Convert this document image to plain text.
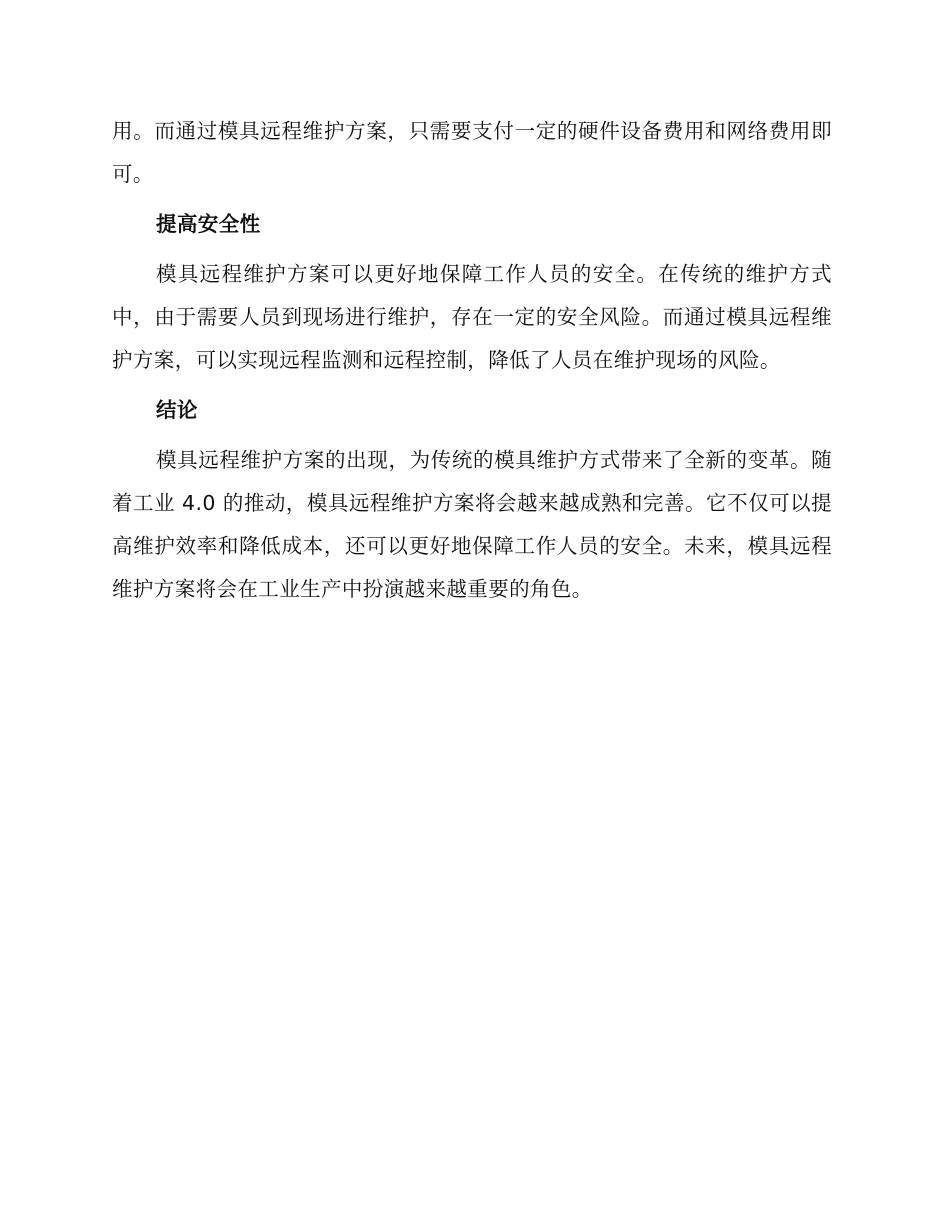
用。而通过模具远程维护方案，只需要支付一定的硬件设备费用和网络费用即可。

提高安全性

模具远程维护方案可以更好地保障工作人员的安全。在传统的维护方式中，由于需要人员到现场进行维护，存在一定的安全风险。而通过模具远程维护方案，可以实现远程监测和远程控制，降低了人员在维护现场的风险。

结论

模具远程维护方案的出现，为传统的模具维护方式带来了全新的变革。随着工业 4.0 的推动，模具远程维护方案将会越来越成熟和完善。它不仅可以提高维护效率和降低成本，还可以更好地保障工作人员的安全。未来，模具远程维护方案将会在工业生产中扮演越来越重要的角色。
